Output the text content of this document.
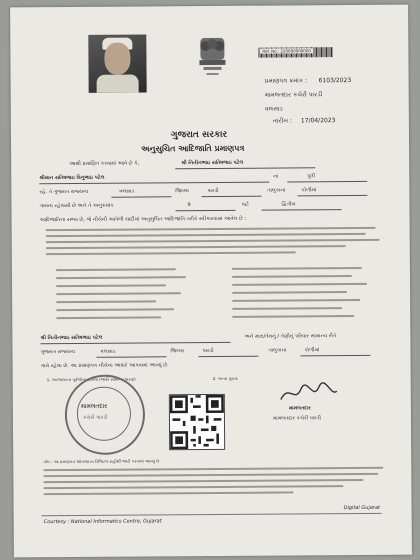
Ref. No.: 220000000000
પ્રમાણપત્ર ક્રમાંક : 6103/2023
મામલતદાર કચેરી પારડી
વલસાડ
તારીખ : 17/04/2023
ગુજરાત સરકાર
અનુસુચિત આદિજાતિ પ્રમાણપત્ર
આથી પ્રમાણિત કરવામાં આવે છે કે,	શ્રી નિતીનભાઇ સતિષભાઇ પટેલ
શ્રીમાન સતિષભાઇ વિનુભાઇ પટેલ	ના	પુત્રી
રહે. તે ગુજરાત રાજ્યના	વલસાડ	જિલ્લા	પારડી	તાલુકાના	કોળીમાં
ગામના રહેવાસી છે અને તે અનુક્રમાંક	9	પાર્ટ	દ્વિતીય
આદિજાતિના સભ્ય છે, જે નીચેની આપેલી યાદીમાં અનુસુચિત આદિજાતિ તરીકે સ્વીકારવામાં આવેલ છે :
શ્રી નિતીનભાઇ સતિષભાઇ પટેલ	અને મારા/તેમનું / તેણીનું પરિવાર સામાન્ય રીતે
ગુજરાત રાજ્યના	વલસાડ	જિલ્લા	પારડી	તાલુકાના	કોળીમાં
ગામે રહેલા છે. આ પ્રમાણપત્ર નીચેના આધારે આપવામાં આવ્યું છે.
1. અરજદારના પૂર્વજોના દાખલા (જાતિ સામાન્ય ધારણ)	2. અન્ય પુરાવા
મામલતદાર
કચેરી પારડી
મામલતદાર
મામલતદાર કચેરી પારડી
નોંધ : આ પ્રમાણપત્ર ઓનલાઇન ડિજિટલ સહીથી જારી કરવામાં આવ્યું છે.
Courtesy : National Informatics Centre, Gujarat
Digital Gujarat
